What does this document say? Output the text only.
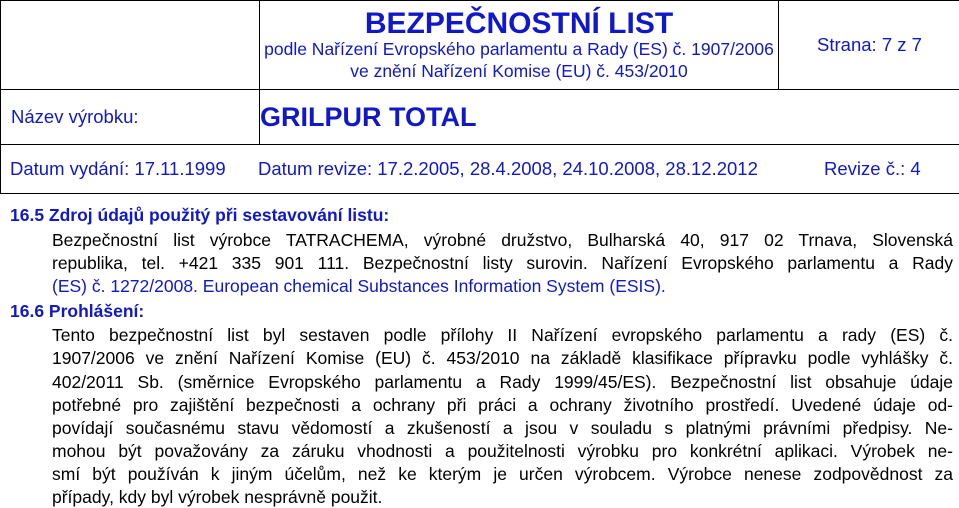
	BEZPEČNOSTNÍ LIST
podle Nařízení Evropského parlamentu a Rady (ES) č. 1907/2006
ve znění Nařízení Komise (EU) č. 453/2010	Strana: 7 z 7
Název výrobku:	GRILPUR TOTAL	
Datum vydání: 17.11.1999 Datum revize: 17.2.2005, 28.4.2008, 24.10.2008, 28.12.2012 Revize č.: 4		
16.5 Zdroj údajů použitý při sestavování listu:
Bezpečnostní list výrobce TATRACHEMA, výrobné družstvo, Bulharská 40, 917 02 Trnava, Slovenská
republika, tel. +421 335 901 111. Bezpečnostní listy surovin. Nařízení Evropského parlamentu a Rady
(ES) č. 1272/2008. European chemical Substances Information System (ESIS).
16.6 Prohlášení:
Tento bezpečnostní list byl sestaven podle přílohy II Nařízení evropského parlamentu a rady (ES) č.
1907/2006 ve znění Nařízení Komise (EU) č. 453/2010 na základě klasifikace přípravku podle vyhlášky č.
402/2011 Sb. (směrnice Evropského parlamentu a Rady 1999/45/ES). Bezpečnostní list obsahuje údaje
potřebné pro zajištění bezpečnosti a ochrany při práci a ochrany životního prostředí. Uvedené údaje od-
povídají současnému stavu vědomostí a zkušeností a jsou v souladu s platnými právními předpisy. Ne-
mohou být považovány za záruku vhodnosti a použitelnosti výrobku pro konkrétní aplikaci. Výrobek ne-
smí být používán k jiným účelům, než ke kterým je určen výrobcem. Výrobce nenese zodpovědnost za
případy, kdy byl výrobek nesprávně použit.
